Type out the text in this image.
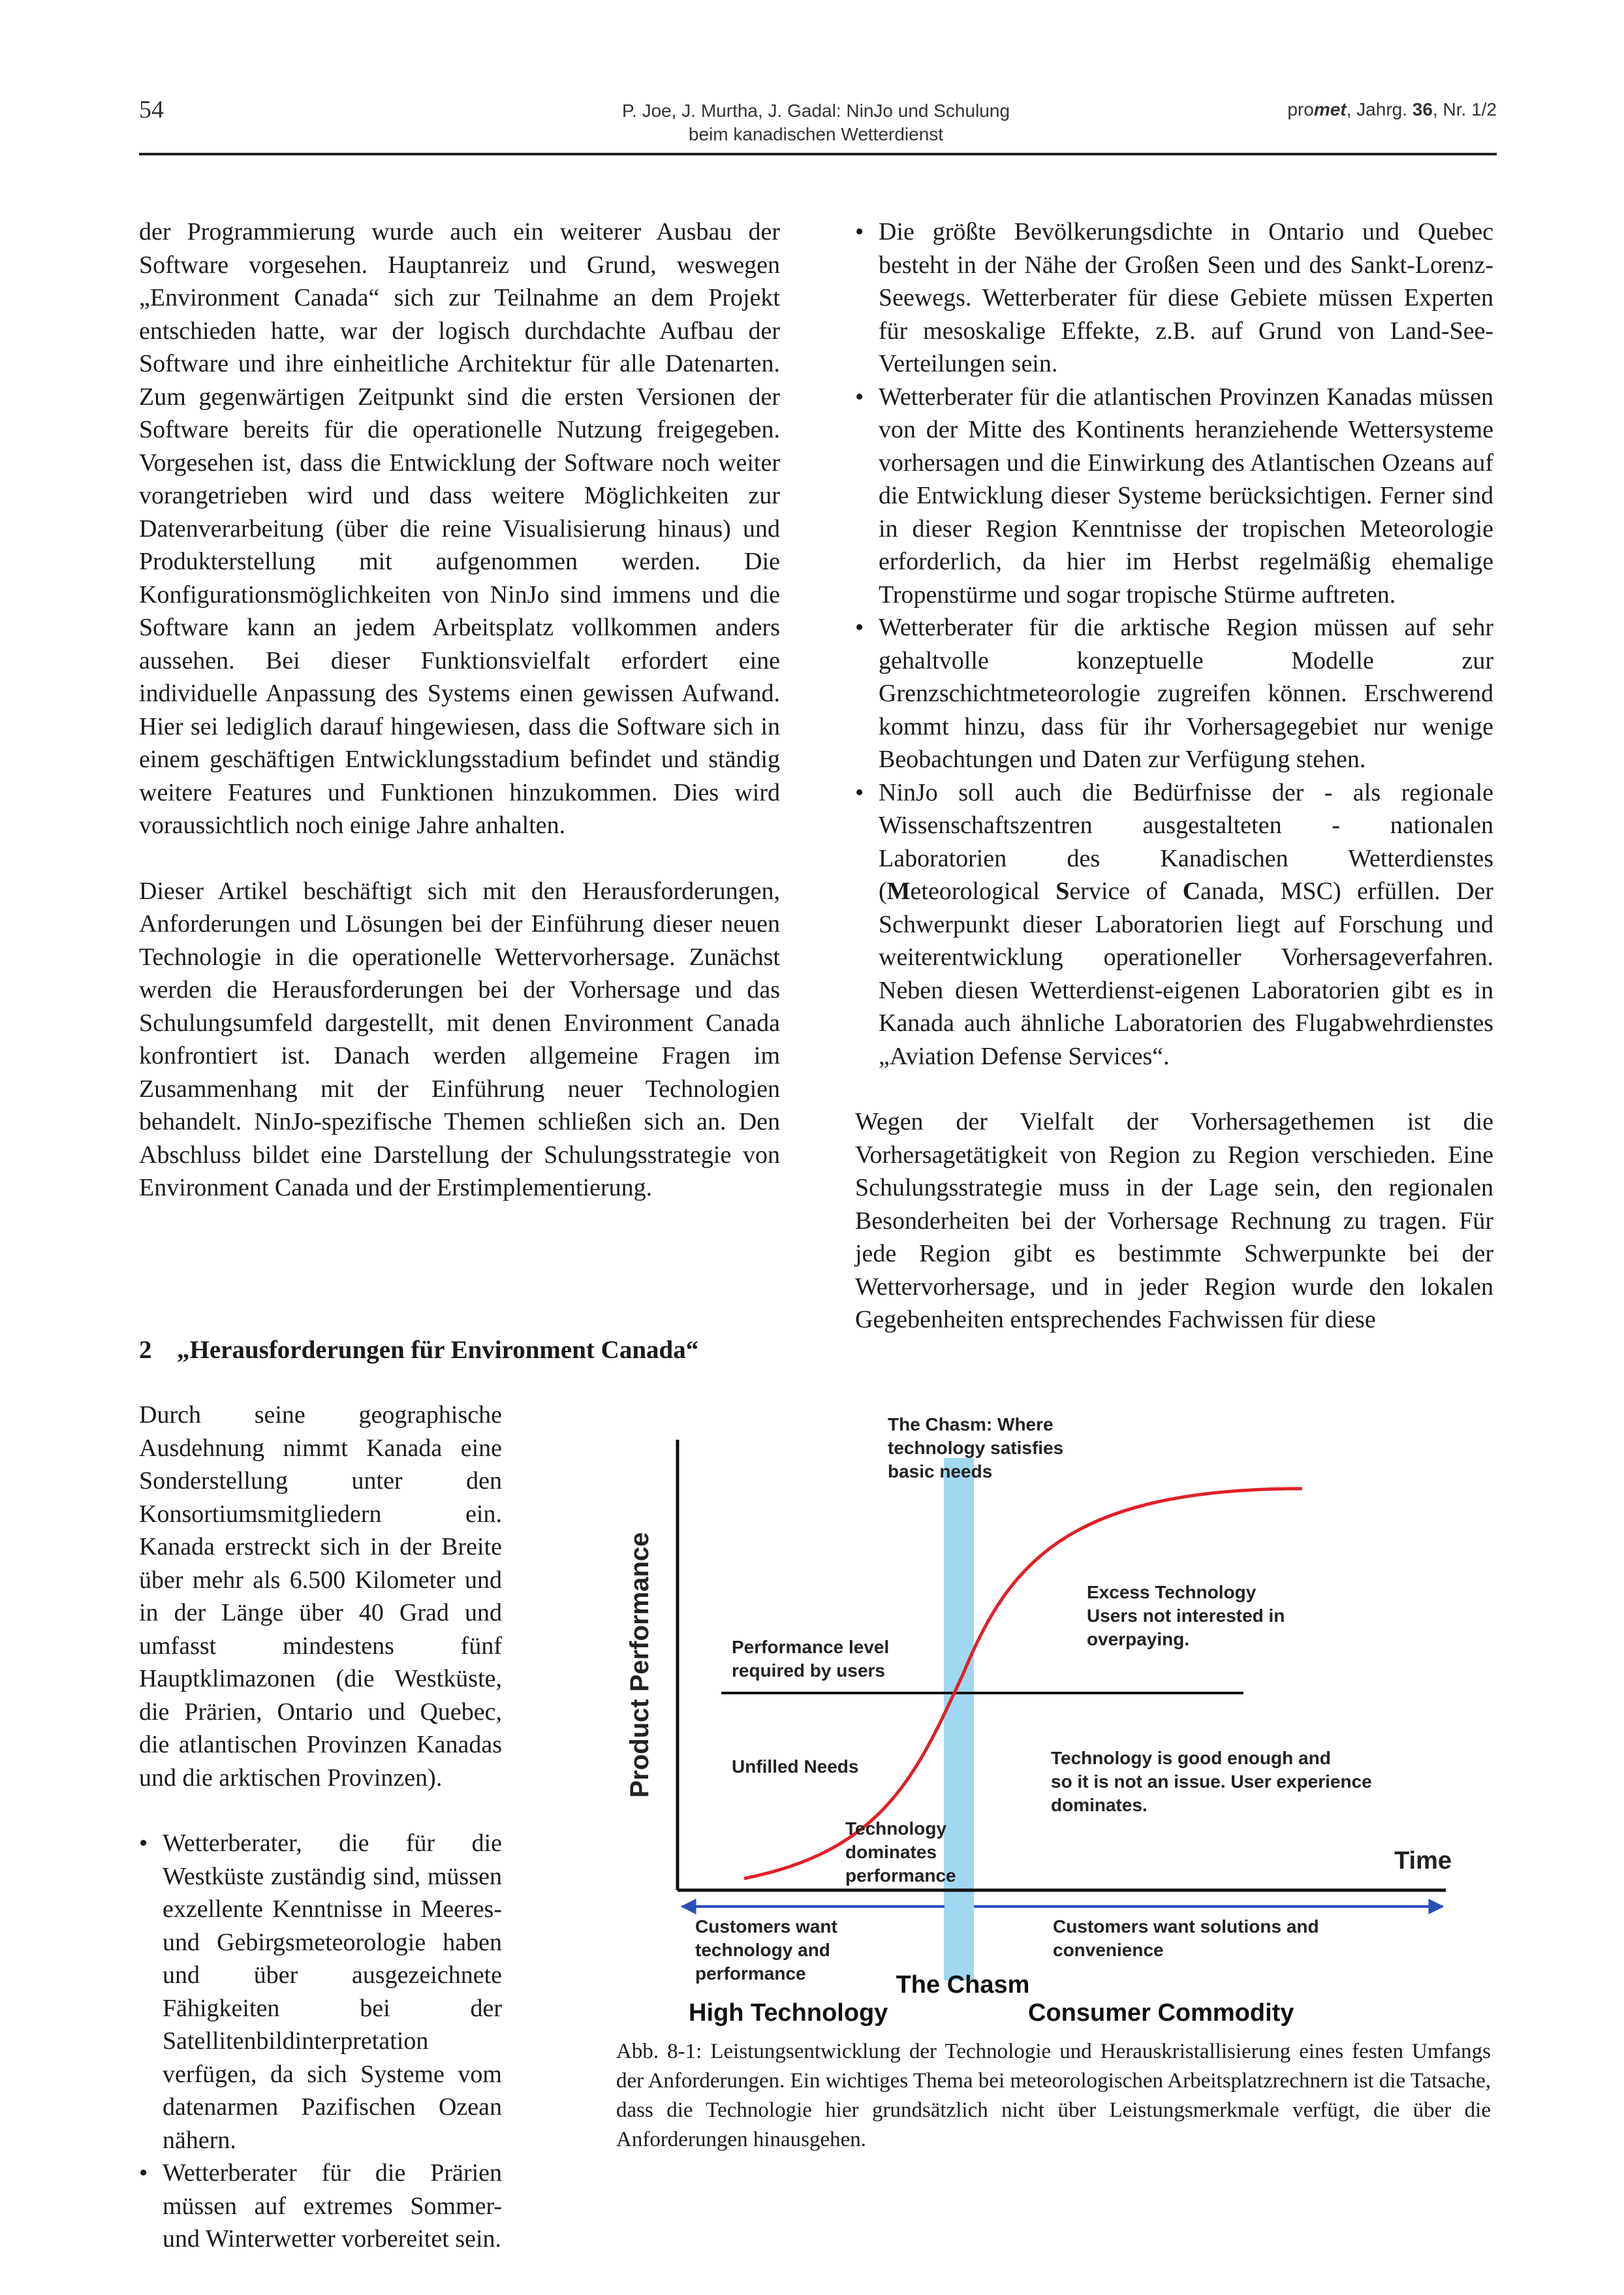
54	P. Joe, J. Murtha, J. Gadal: NinJo und Schulung
beim kanadischen Wetterdienst
promet, Jahrg. 36, Nr. 1/2

der Programmierung wurde auch ein weiterer Ausbau der Software vorgesehen. Hauptanreiz und Grund, weswegen „Environment Canada“ sich zur Teilnahme an dem Projekt entschieden hatte, war der logisch durchdachte Aufbau der Software und ihre einheitliche Architektur für alle Datenarten. Zum gegenwärtigen Zeitpunkt sind die ersten Versionen der Software bereits für die operationelle Nutzung freigegeben. Vorgesehen ist, dass die Entwicklung der Software noch weiter vorangetrieben wird und dass weitere Möglichkeiten zur Datenverarbeitung (über die reine Visualisierung hinaus) und Produkterstellung mit aufgenommen werden. Die Konfigurationsmöglichkeiten von NinJo sind immens und die Software kann an jedem Arbeitsplatz vollkommen anders aussehen. Bei dieser Funktionsvielfalt erfordert eine individuelle Anpassung des Systems einen gewissen Aufwand. Hier sei lediglich darauf hingewiesen, dass die Software sich in einem geschäftigen Entwicklungsstadium befindet und ständig weitere Features und Funktionen hinzukommen. Dies wird voraussichtlich noch einige Jahre anhalten.

Dieser Artikel beschäftigt sich mit den Herausforderungen, Anforderungen und Lösungen bei der Einführung dieser neuen Technologie in die operationelle Wettervorhersage. Zunächst werden die Herausforderungen bei der Vorhersage und das Schulungsumfeld dargestellt, mit denen Environment Canada konfrontiert ist. Danach werden allgemeine Fragen im Zusammenhang mit der Einführung neuer Technologien behandelt. NinJo-spezifische Themen schließen sich an. Den Abschluss bildet eine Darstellung der Schulungsstrategie von Environment Canada und der Erstimplementierung.

2 „Herausforderungen für Environment Canada“

Durch seine geographische Ausdehnung nimmt Kanada eine Sonderstellung unter den Konsortiumsmitgliedern ein. Kanada erstreckt sich in der Breite über mehr als 6.500 Kilometer und in der Länge über 40 Grad und umfasst mindestens fünf Hauptklimazonen (die Westküste, die Prärien, Ontario und Quebec, die atlantischen Provinzen Kanadas und die arktischen Provinzen).

• Wetterberater, die für die Westküste zuständig sind, müssen exzellente Kenntnisse in Meeres- und Gebirgsmeteorologie haben und über ausgezeichnete Fähigkeiten bei der Satellitenbildinterpretation verfügen, da sich Systeme vom datenarmen Pazifischen Ozean nähern.
• Wetterberater für die Prärien müssen auf extremes Sommer- und Winterwetter vorbereitet sein.
• Die größte Bevölkerungsdichte in Ontario und Quebec besteht in der Nähe der Großen Seen und des Sankt-Lorenz-Seewegs. Wetterberater für diese Gebiete müssen Experten für mesoskalige Effekte, z.B. auf Grund von Land-See-Verteilungen sein.
• Wetterberater für die atlantischen Provinzen Kanadas müssen von der Mitte des Kontinents heranziehende Wettersysteme vorhersagen und die Einwirkung des Atlantischen Ozeans auf die Entwicklung dieser Systeme berücksichtigen. Ferner sind in dieser Region Kenntnisse der tropischen Meteorologie erforderlich, da hier im Herbst regelmäßig ehemalige Tropenstürme und sogar tropische Stürme auftreten.
• Wetterberater für die arktische Region müssen auf sehr gehaltvolle konzeptuelle Modelle zur Grenzschichtmeteorologie zugreifen können. Erschwerend kommt hinzu, dass für ihr Vorhersagegebiet nur wenige Beobachtungen und Daten zur Verfügung stehen.
• NinJo soll auch die Bedürfnisse der - als regionale Wissenschaftszentren ausgestalteten - nationalen Laboratorien des Kanadischen Wetterdienstes (Meteorological Service of Canada, MSC) erfüllen. Der Schwerpunkt dieser Laboratorien liegt auf Forschung und weiterentwicklung operationeller Vorhersageverfahren. Neben diesen Wetterdienst-eigenen Laboratorien gibt es in Kanada auch ähnliche Laboratorien des Flugabwehrdienstes „Aviation Defense Services“.

Wegen der Vielfalt der Vorhersagethemen ist die Vorhersagetätigkeit von Region zu Region verschieden. Eine Schulungsstrategie muss in der Lage sein, den regionalen Besonderheiten bei der Vorhersage Rechnung zu tragen. Für jede Region gibt es bestimmte Schwerpunkte bei der Wettervorhersage, und in jeder Region wurde den lokalen Gegebenheiten entsprechendes Fachwissen für diese

The Chasm: Where technology satisfies basic needs
Excess Technology Users not interested in overpaying.
Performance level required by users
Unfilled Needs	Technology is good enough and so it is not an issue. User experience dominates.
Technology dominates performance
Customers want technology and performance
Customers want solutions and convenience
Time
Product Performance
The Chasm
High Technology	Consumer Commodity
Abb. 8-1: Leistungsentwicklung der Technologie und Herauskristallisierung eines festen Umfangs der Anforderungen. Ein wichtiges Thema bei meteorologischen Arbeitsplatzrechnern ist die Tatsache, dass die Technologie hier grundsätzlich nicht über Leistungsmerkmale verfügt, die über die Anforderungen hinausgehen.
